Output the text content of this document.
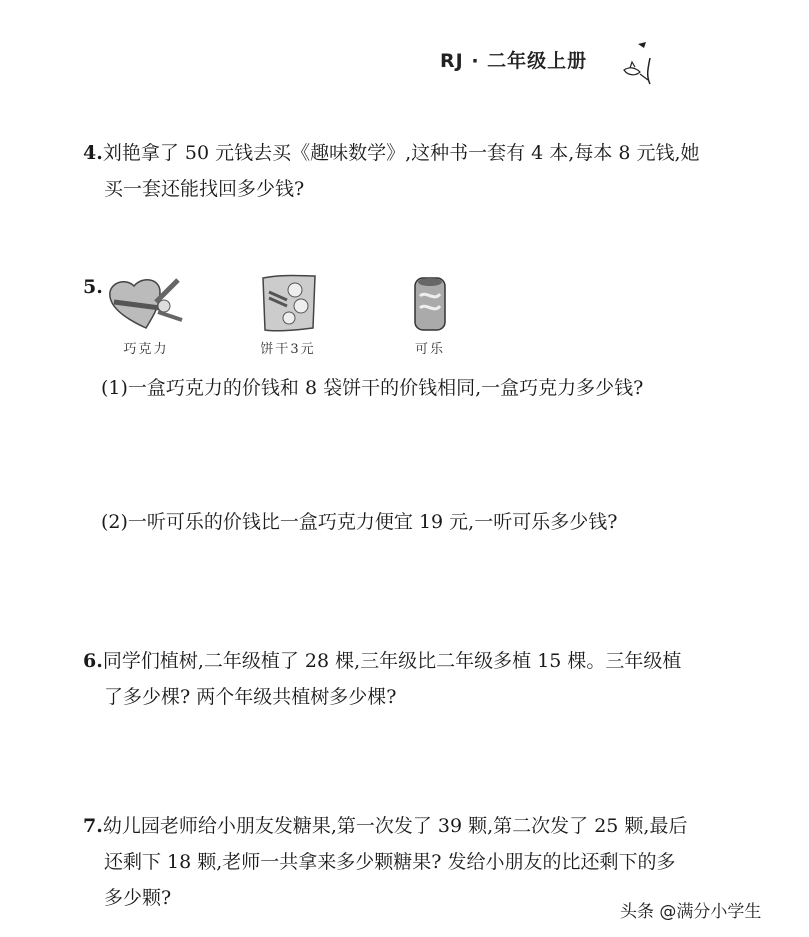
RJ · 二年级上册
4.刘艳拿了 50 元钱去买《趣味数学》,这种书一套有 4 本,每本 8 元钱,她
买一套还能找回多少钱?
5.
巧克力	饼干3元	可乐
(1)一盒巧克力的价钱和 8 袋饼干的价钱相同,一盒巧克力多少钱?
(2)一听可乐的价钱比一盒巧克力便宜 19 元,一听可乐多少钱?
6.同学们植树,二年级植了 28 棵,三年级比二年级多植 15 棵。三年级植
了多少棵? 两个年级共植树多少棵?
7.幼儿园老师给小朋友发糖果,第一次发了 39 颗,第二次发了 25 颗,最后
还剩下 18 颗,老师一共拿来多少颗糖果? 发给小朋友的比还剩下的多
多少颗?
头条 @满分小学生
